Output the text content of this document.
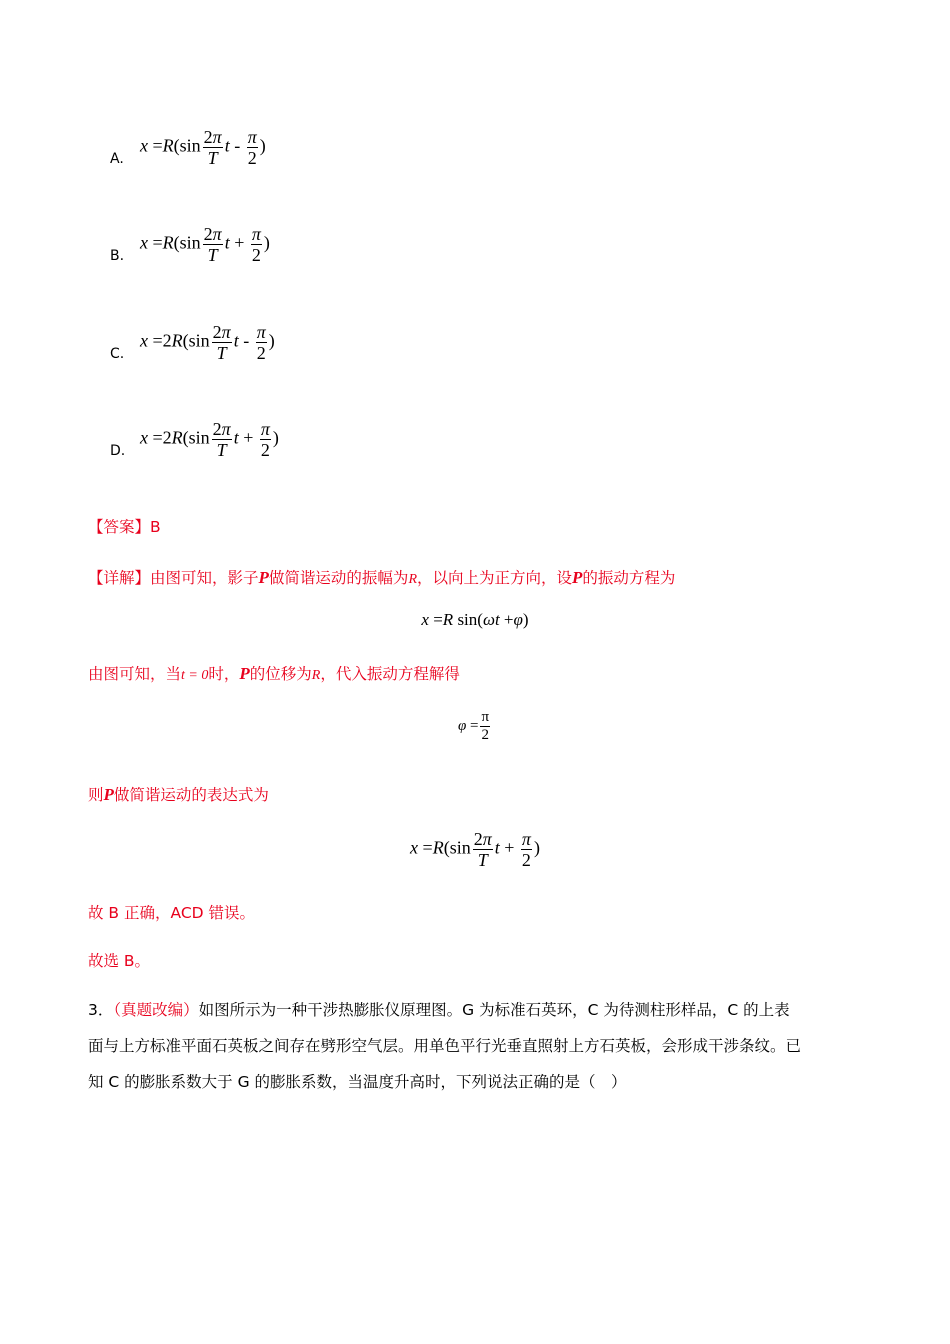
A.
$x =R(\sin \frac{2\pi}{T}$ t - $\frac{\pi}{2}$ )
B.
$x =R(\sin \frac{2\pi}{T}$ $t + \frac{\pi}{2}$ )
C.
$x =2R(\sin \frac{2\pi}{T}$ t - $\frac{\pi}{2}$ )
D.
$x =2R(\sin \frac{2\pi}{T}$ $t + \frac{\pi}{2}$ )
【答案】B
【详解】由图可知，影子P做简谐运动的振幅为R，以向上为正方向，设P的振动方程为
x =R sin(ωt +φ)
由图可知，当t = 0时，P的位移为R，代入振动方程解得
$\varphi = \frac{\pi}{2}$
则P做简谐运动的表达式为
$x =R(\sin \frac{2\pi}{T}$ $t + \frac{\pi}{2}$ )
故 B 正确，ACD 错误。
故选 B。
3．（真题改编）如图所示为一种干涉热膨胀仪原理图。G 为标准石英环，C 为待测柱形样品，C 的上表
面与上方标准平面石英板之间存在劈形空气层。用单色平行光垂直照射上方石英板，会形成干涉条纹。已
知 C 的膨胀系数大于 G 的膨胀系数，当温度升高时，下列说法正确的是（　）
